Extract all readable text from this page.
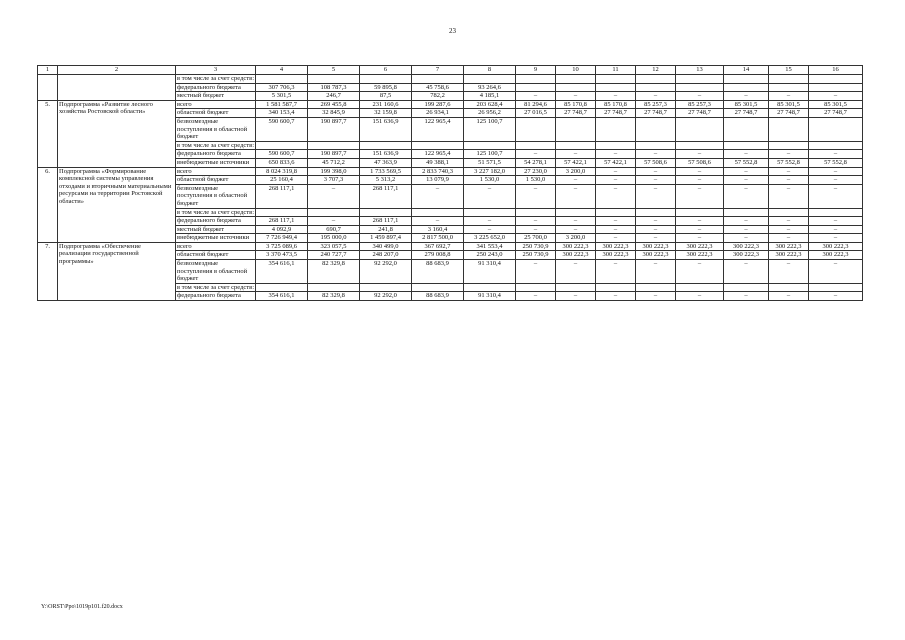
23
1	2	3	4	5	6	7	8	9	10	11	12	13	14	15	16
		в том числе за счет средств:													
		федерального бюджета	307 706,3	108 787,3	59 895,8	45 758,6	93 264,6								
		местный бюджет	5 301,5	246,7	87,5	782,2	4 185,1	–	–	–	–	–	–	–	–
5.	Подпрограмма «Развитие лесного хозяйства Ростовской области»	всего	1 581 587,7	269 455,8	231 160,6	199 287,6	203 628,4	81 294,6	85 170,8	85 170,8	85 257,3	85 257,3	85 301,5	85 301,5	85 301,5
		областной бюджет	340 153,4	32 845,9	32 159,8	26 934,1	26 956,2	27 016,5	27 748,7	27 748,7	27 748,7	27 748,7	27 748,7	27 748,7	27 748,7
		безвозмездные поступления в областной бюджет	590 600,7	190 897,7	151 636,9	122 965,4	125 100,7								
		в том числе за счет средств:													
		федерального бюджета	590 600,7	190 897,7	151 636,9	122 965,4	125 100,7	–	–	–	–	–	–	–	–
		внебюджетные источники	650 833,6	45 712,2	47 363,9	49 388,1	51 571,5	54 278,1	57 422,1	57 422,1	57 508,6	57 508,6	57 552,8	57 552,8	57 552,8
6.	Подпрограмма «Формирование комплексной системы управления отходами и вторичными материальными ресурсами на территории Ростовской области»	всего	8 024 319,8	199 398,0	1 733 569,5	2 833 740,3	3 227 182,0	27 230,0	3 200,0	–	–	–	–	–	–
		областной бюджет	25 160,4	3 707,3	5 313,2	13 079,9	1 530,0	1 530,0	–	–	–	–	–	–	–
		безвозмездные поступления в областной бюджет	268 117,1	–	268 117,1	–	–	–	–	–	–	–	–	–	–
		в том числе за счет средств:													
		федерального бюджета	268 117,1	–	268 117,1	–	–	–	–	–	–	–	–	–	–
		местный бюджет	4 092,9	690,7	241,8	3 160,4	–	–	–	–	–	–	–	–	–
		внебюджетные источники	7 726 949,4	195 000,0	1 459 897,4	2 817 500,0	3 225 652,0	25 700,0	3 200,0	–	–	–	–	–	–
7.	Подпрограмма «Обеспечение реализации государственной программы»	всего	3 725 089,6	323 057,5	340 499,0	367 692,7	341 553,4	250 730,9	300 222,3	300 222,3	300 222,3	300 222,3	300 222,3	300 222,3	300 222,3
		областной бюджет	3 370 473,5	240 727,7	248 207,0	279 008,8	250 243,0	250 730,9	300 222,3	300 222,3	300 222,3	300 222,3	300 222,3	300 222,3	300 222,3
		безвозмездные поступления в областной бюджет	354 616,1	82 329,8	92 292,0	88 683,9	91 310,4	–	–	–	–	–	–	–	–
		в том числе за счет средств:													
		федерального бюджета	354 616,1	82 329,8	92 292,0	88 683,9	91 310,4	–	–	–	–	–	–	–	–
Y:\ORST\Ppo\1019p101.f20.docx
